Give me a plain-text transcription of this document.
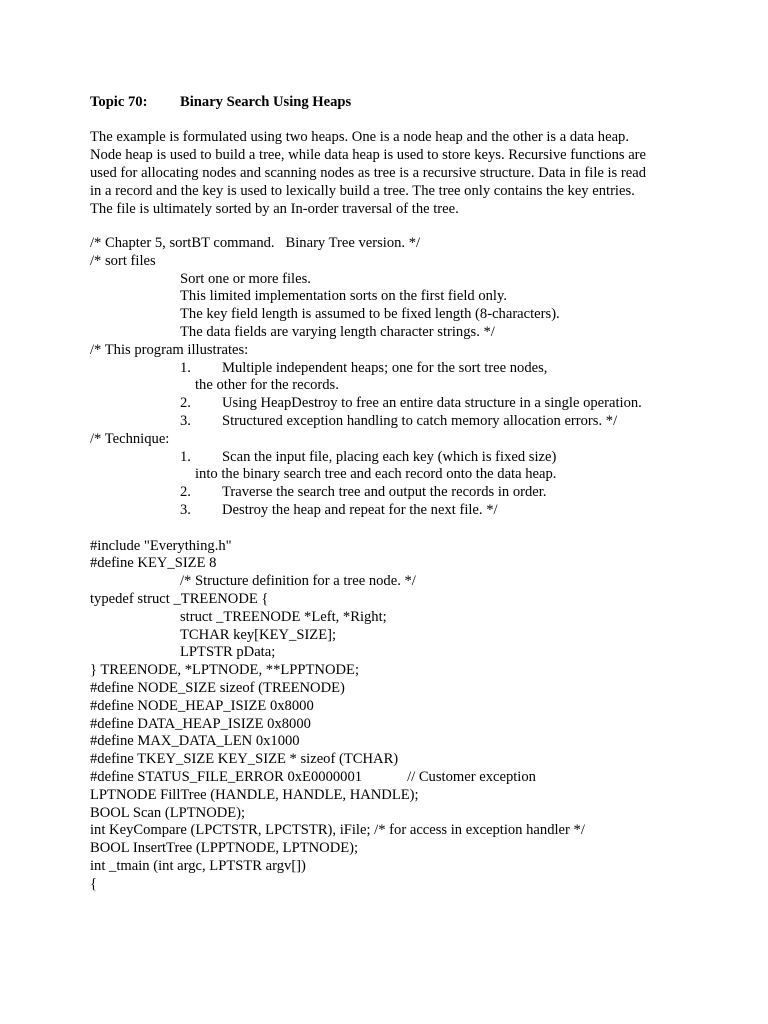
Topic 70: Binary Search Using Heaps
The example is formulated using two heaps. One is a node heap and the other is a data heap.
Node heap is used to build a tree, while data heap is used to store keys. Recursive functions are
used for allocating nodes and scanning nodes as tree is a recursive structure. Data in file is read
in a record and the key is used to lexically build a tree. The tree only contains the key entries.
The file is ultimately sorted by an In-order traversal of the tree.
/* Chapter 5, sortBT command.   Binary Tree version. */
/* sort files
Sort one or more files.
This limited implementation sorts on the first field only.
The key field length is assumed to be fixed length (8-characters).
The data fields are varying length character strings. */
/* This program illustrates:
1. Multiple independent heaps; one for the sort tree nodes,
the other for the records.
2. Using HeapDestroy to free an entire data structure in a single operation.
3. Structured exception handling to catch memory allocation errors. */
/* Technique:
1. Scan the input file, placing each key (which is fixed size)
into the binary search tree and each record onto the data heap.
2. Traverse the search tree and output the records in order.
3. Destroy the heap and repeat for the next file. */
#include "Everything.h"
#define KEY_SIZE 8
/* Structure definition for a tree node. */
typedef struct _TREENODE {
struct _TREENODE *Left, *Right;
TCHAR key[KEY_SIZE];
LPTSTR pData;
} TREENODE, *LPTNODE, **LPPTNODE;
#define NODE_SIZE sizeof (TREENODE)
#define NODE_HEAP_ISIZE 0x8000
#define DATA_HEAP_ISIZE 0x8000
#define MAX_DATA_LEN 0x1000
#define TKEY_SIZE KEY_SIZE * sizeof (TCHAR)
#define STATUS_FILE_ERROR 0xE0000001	// Customer exception
LPTNODE FillTree (HANDLE, HANDLE, HANDLE);
BOOL Scan (LPTNODE);
int KeyCompare (LPCTSTR, LPCTSTR), iFile; /* for access in exception handler */
BOOL InsertTree (LPPTNODE, LPTNODE);
int _tmain (int argc, LPTSTR argv[])
{
